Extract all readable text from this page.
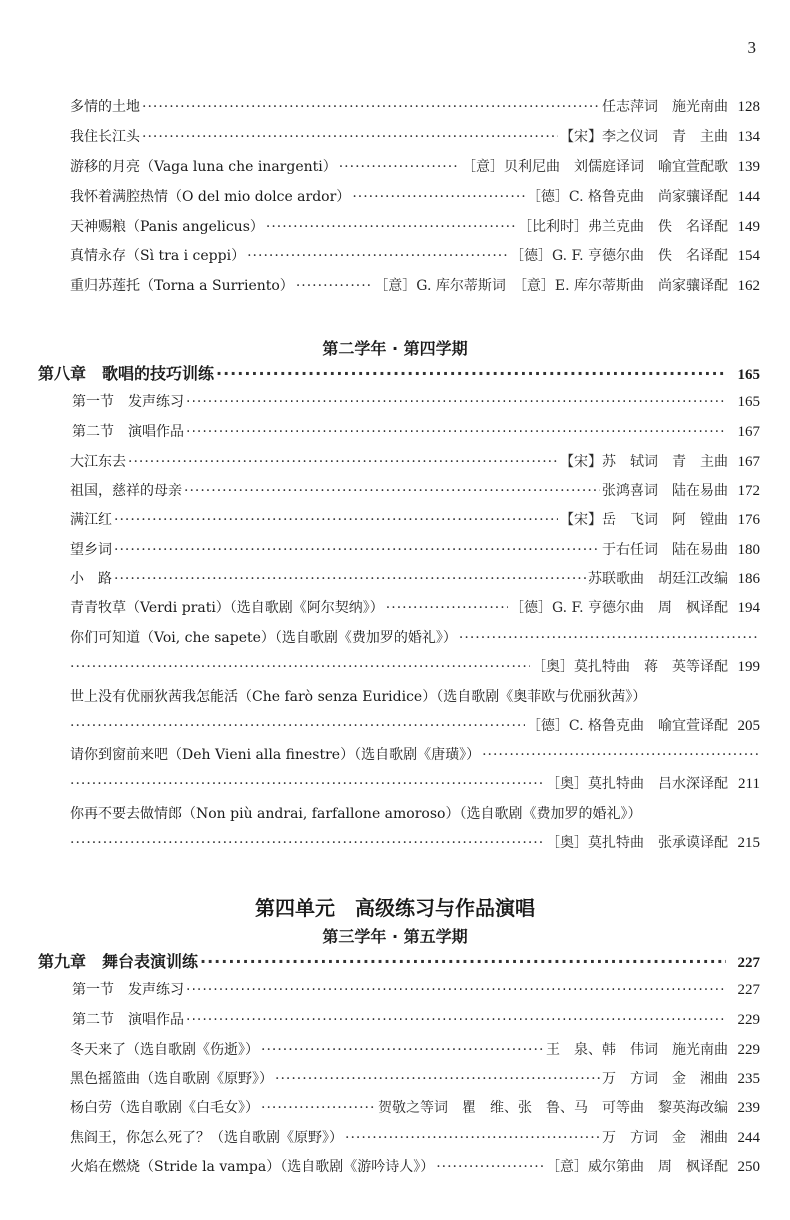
3
多情的土地 ·····	任志萍词　施光南曲 128
我住长江头 ·····	【宋】李之仪词　青　主曲 134
游移的月亮（Vaga luna che inargenti） ·····	［意］贝利尼曲　刘儒庭译词　喻宜萱配歌 139
我怀着满腔热情（O del mio dolce ardor） ·····	［德］C. 格鲁克曲　尚家骧译配 144
天神赐粮（Panis angelicus） ·····	［比利时］弗兰克曲　佚　名译配 149
真情永存（Sì tra i ceppi） ·····	［德］G. F. 亨德尔曲　佚　名译配 154
重归苏莲托（Torna a Surriento） ·····	［意］G. 库尔蒂斯词　［意］E. 库尔蒂斯曲　尚家骧译配 162
第二学年 · 第四学期
第八章　歌唱的技巧训练 ·····	165
第一节　发声练习 ·····	165
第二节　演唱作品 ·····	167
大江东去 ·····	【宋】苏　轼词　青　主曲 167
祖国，慈祥的母亲 ·····	张鸿喜词　陆在易曲 172
满江红 ·····	【宋】岳　飞词　阿　镗曲 176
望乡词 ·····	于右任词　陆在易曲 180
小　路 ·····	苏联歌曲　胡廷江改编 186
青青牧草（Verdi prati）（选自歌剧《阿尔契纳》） ·····	［德］G. F. 亨德尔曲　周　枫译配 194
你们可知道（Voi, che sapete）（选自歌剧《费加罗的婚礼》）
·····
·····
［奥］莫扎特曲　蒋　英等译配 199
世上没有优丽狄茜我怎能活（Che farò senza Euridice）（选自歌剧《奥菲欧与优丽狄茜》）
·····
［德］C. 格鲁克曲　喻宜萱译配 205
请你到窗前来吧（Deh Vieni alla finestre）（选自歌剧《唐璜》）
·····
·····
［奥］莫扎特曲　吕水深译配 211
你再不要去做情郎（Non più andrai, farfallone amoroso）（选自歌剧《费加罗的婚礼》）
·····
［奥］莫扎特曲　张承谟译配 215
第四单元　高级练习与作品演唱
第三学年 · 第五学期
第九章　舞台表演训练 ·····	227
第一节　发声练习 ·····	227
第二节　演唱作品 ·····	229
冬天来了（选自歌剧《伤逝》） ·····	王　泉、韩　伟词　施光南曲 229
黑色摇篮曲（选自歌剧《原野》） ·····	万　方词　金　湘曲 235
杨白劳（选自歌剧《白毛女》） ·····	贺敬之等词　瞿　维、张　鲁、马　可等曲　黎英海改编 239
焦阎王，你怎么死了？（选自歌剧《原野》） ·····	万　方词　金　湘曲 244
火焰在燃烧（Stride la vampa）（选自歌剧《游吟诗人》） ·····	［意］威尔第曲　周　枫译配 250
